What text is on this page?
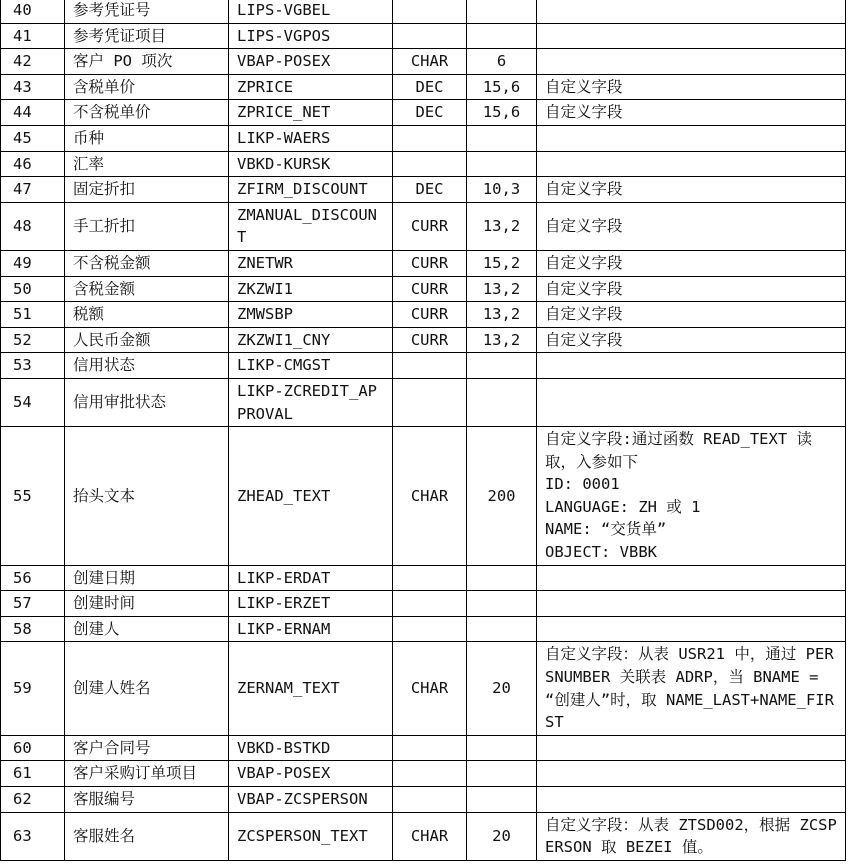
40	参考凭证号	LIPS-VGBEL			
41	参考凭证项目	LIPS-VGPOS			
42	客户 PO 项次	VBAP-POSEX	CHAR	6	
43	含税单价	ZPRICE	DEC	15,6	自定义字段

44	不含税单价	ZPRICE_NET	DEC	15,6	自定义字段

45	币种	LIKP-WAERS			
46	汇率	VBKD-KURSK			
47	固定折扣	ZFIRM_DISCOUNT	DEC	10,3	自定义字段

48	手工折扣	ZMANUAL_DISCOUNT	CURR	13,2	自定义字段

49	不含税金额	ZNETWR	CURR	15,2	自定义字段

50	含税金额	ZKZWI1	CURR	13,2	自定义字段

51	税额	ZMWSBP	CURR	13,2	自定义字段

52	人民币金额	ZKZWI1_CNY	CURR	13,2	自定义字段

53	信用状态	LIKP-CMGST			
54	信用审批状态	LIKP-ZCREDIT_APPROVAL			
55	抬头文本	ZHEAD_TEXT	CHAR	200	自定义字段:通过函数 READ_TEXT 读取，入参如下
ID: 0001
LANGUAGE: ZH 或 1
NAME: “交货单”
OBJECT: VBBK

56	创建日期	LIKP-ERDAT			
57	创建时间	LIKP-ERZET			
58	创建人	LIKP-ERNAM			
59	创建人姓名	ZERNAM_TEXT	CHAR	20	自定义字段：从表 USR21 中，通过 PERSNUMBER 关联表 ADRP，当 BNAME = “创建人”时，取 NAME_LAST+NAME_FIRST

60	客户合同号	VBKD-BSTKD			
61	客户采购订单项目	VBAP-POSEX			
62	客服编号	VBAP-ZCSPERSON			
63	客服姓名	ZCSPERSON_TEXT	CHAR	20	自定义字段：从表 ZTSD002，根据 ZCSPERSON 取 BEZEI 值。
